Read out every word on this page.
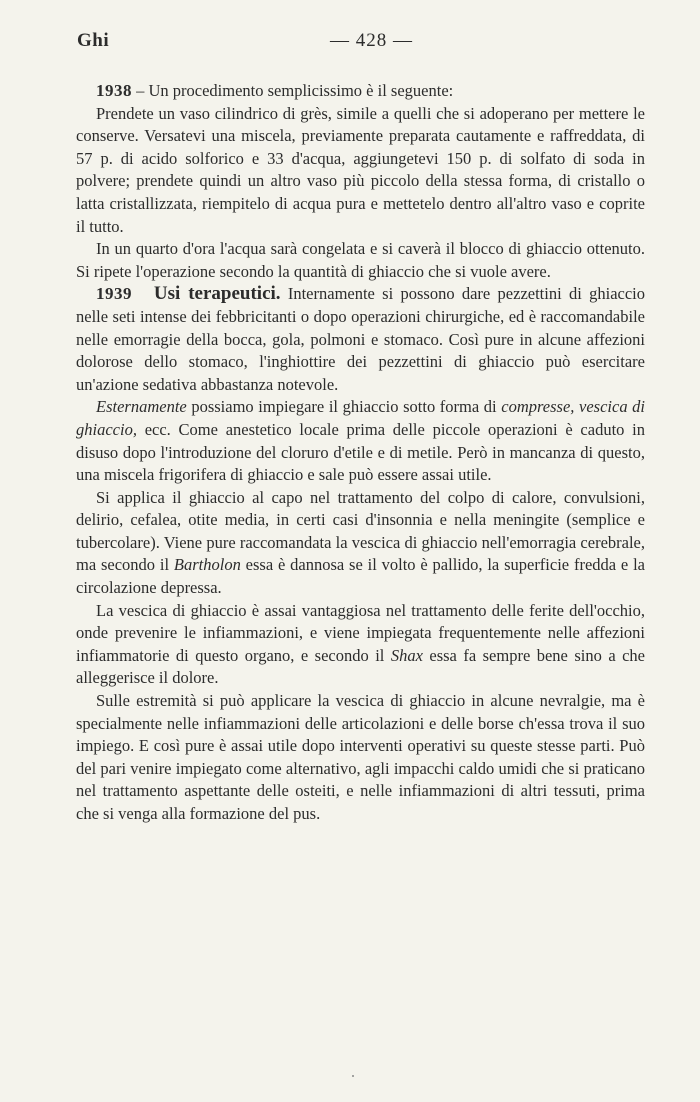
Ghi	— 428 —

1938 – Un procedimento semplicissimo è il seguente:

Prendete un vaso cilindrico di grès, simile a quelli che si adoperano per mettere le conserve. Versatevi una miscela, previamente preparata cautamente e raffreddata, di 57 p. di acido solforico e 33 d'acqua, aggiungetevi 150 p. di solfato di soda in polvere; prendete quindi un altro vaso più piccolo della stessa forma, di cristallo o latta cristallizzata, riempitelo di acqua pura e mettetelo dentro all'altro vaso e coprite il tutto.

In un quarto d'ora l'acqua sarà congelata e si caverà il blocco di ghiaccio ottenuto. Si ripete l'operazione secondo la quantità di ghiaccio che si vuole avere.

1939 Usi terapeutici. Internamente si possono dare pezzettini di ghiaccio nelle seti intense dei febbricitanti o dopo operazioni chirurgiche, ed è raccomandabile nelle emorragie della bocca, gola, polmoni e stomaco. Così pure in alcune affezioni dolorose dello stomaco, l'inghiottire dei pezzettini di ghiaccio può esercitare un'azione sedativa abbastanza notevole.

Esternamente possiamo impiegare il ghiaccio sotto forma di compresse, vescica di ghiaccio, ecc. Come anestetico locale prima delle piccole operazioni è caduto in disuso dopo l'introduzione del cloruro d'etile e di metile. Però in mancanza di questo, una miscela frigorifera di ghiaccio e sale può essere assai utile.

Si applica il ghiaccio al capo nel trattamento del colpo di calore, convulsioni, delirio, cefalea, otite media, in certi casi d'insonnia e nella meningite (semplice e tubercolare). Viene pure raccomandata la vescica di ghiaccio nell'emorragia cerebrale, ma secondo il Bartholon essa è dannosa se il volto è pallido, la superficie fredda e la circolazione depressa.

La vescica di ghiaccio è assai vantaggiosa nel trattamento delle ferite dell'occhio, onde prevenire le infiammazioni, e viene impiegata frequentemente nelle affezioni infiammatorie di questo organo, e secondo il Shax essa fa sempre bene sino a che alleggerisce il dolore.

Sulle estremità si può applicare la vescica di ghiaccio in alcune nevralgie, ma è specialmente nelle infiammazioni delle articolazioni e delle borse ch'essa trova il suo impiego. E così pure è assai utile dopo interventi operativi su queste stesse parti. Può del pari venire impiegato come alternativo, agli impacchi caldo umidi che si praticano nel trattamento aspettante delle osteiti, e nelle infiammazioni di altri tessuti, prima che si venga alla formazione del pus.
